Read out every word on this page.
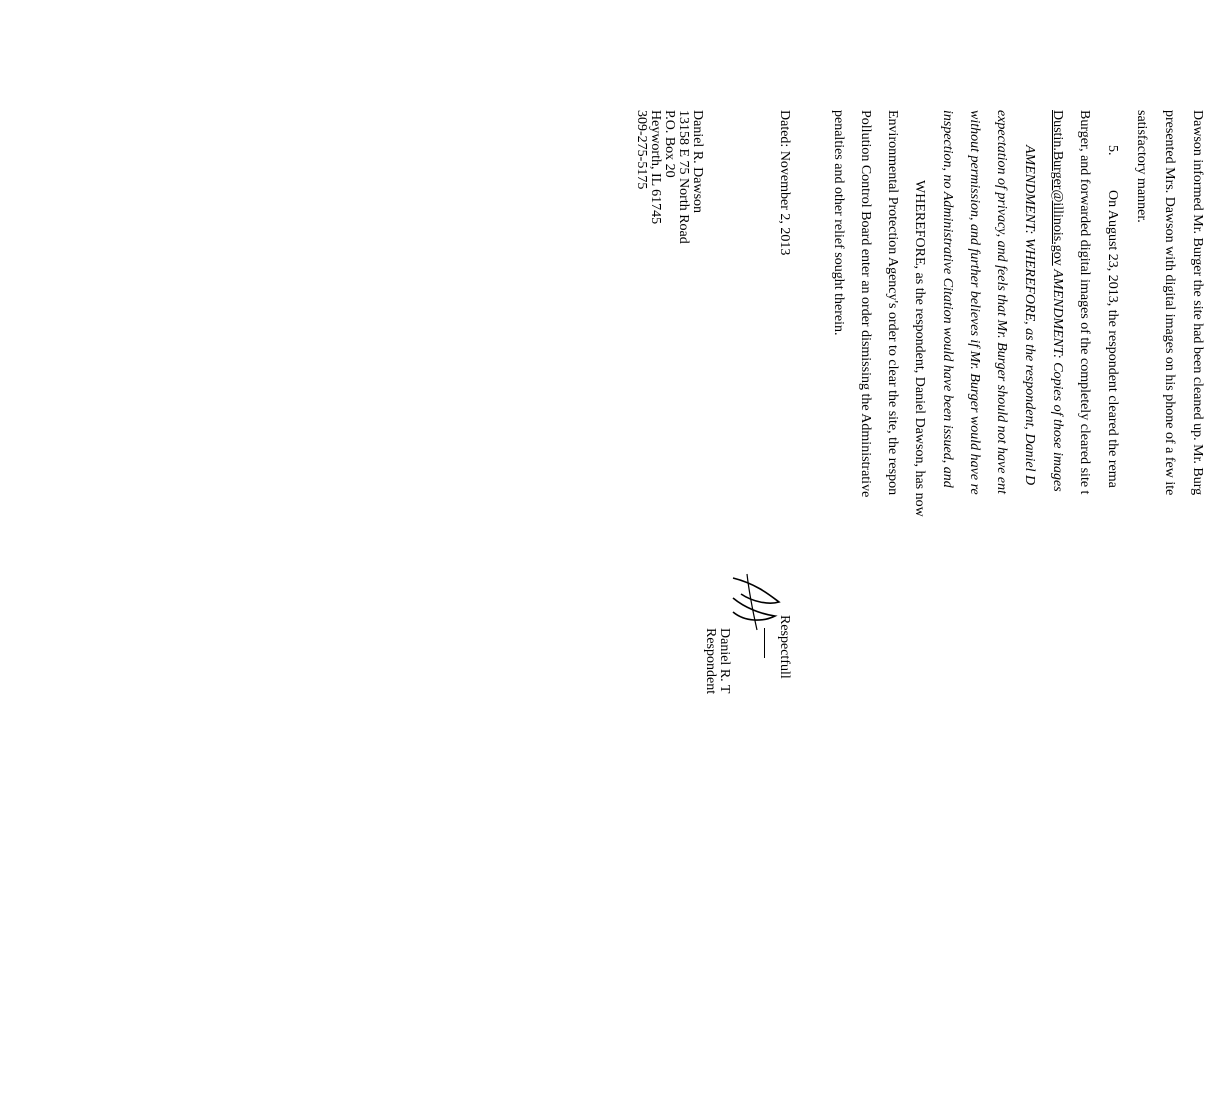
Dawson informed Mr. Burger the site had been cleaned up. Mr. Burg
presented Mrs. Dawson with digital images on his phone of a few ite
satisfactory manner.
5.
On August 23, 2013, the respondent cleared the rema
Burger, and forwarded digital images of the completely cleared site t
Dustin.Burger@illinois.gov AMENDMENT: Copies of those images
AMENDMENT: WHEREFORE, as the respondent, Daniel D
expectation of privacy, and feels that Mr. Burger should not have ent
without permission, and further believes if Mr. Burger would have re
inspection, no Administrative Citation would have been issued, and
WHEREFORE, as the respondent, Daniel Dawson, has now
Environmental Protection Agency's order to clear the site, the respon
Pollution Control Board enter an order dismissing the Administrative
penalties and other relief sought therein.
Dated: November 2, 2013
Respectfull
Daniel R. T
Respondent
Daniel R. Dawson
13158 E 75 North Road
P.O. Box 20
Heyworth, IL 61745
309-275-5175
